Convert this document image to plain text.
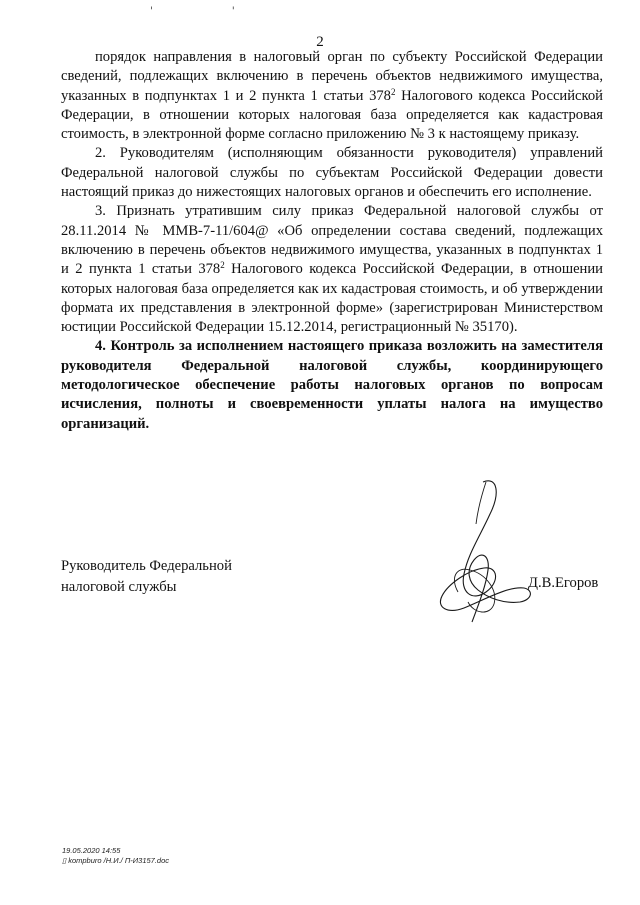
' '
2

порядок направления в налоговый орган по субъекту Российской Федерации сведений, подлежащих включению в перечень объектов недвижимого имущества, указанных в подпунктах 1 и 2 пункта 1 статьи $378^2$ Налогового кодекса Российской Федерации, в отношении которых налоговая база определяется как кадастровая стоимость, в электронной форме согласно приложению № 3 к настоящему приказу.

2. Руководителям (исполняющим обязанности руководителя) управлений Федеральной налоговой службы по субъектам Российской Федерации довести настоящий приказ до нижестоящих налоговых органов и обеспечить его исполнение.

3. Признать утратившим силу приказ Федеральной налоговой службы от 28.11.2014 № ММВ-7-11/604@ «Об определении состава сведений, подлежащих включению в перечень объектов недвижимого имущества, указанных в подпунктах 1 и 2 пункта 1 статьи $378^2$ Налогового кодекса Российской Федерации, в отношении которых налоговая база определяется как их кадастровая стоимость, и об утверждении формата их представления в электронной форме» (зарегистрирован Министерством юстиции Российской Федерации 15.12.2014, регистрационный № 35170).

4. Контроль за исполнением настоящего приказа возложить на заместителя руководителя Федеральной налоговой службы, координирующего методологическое обеспечение работы налоговых органов по вопросам исчисления, полноты и своевременности уплаты налога на имущество организаций.

Руководитель Федеральной
налоговой службы	Д.В.Егоров
19.05.2020 14:55
▯ kompburo /Н.И./ П-И3157.doc
